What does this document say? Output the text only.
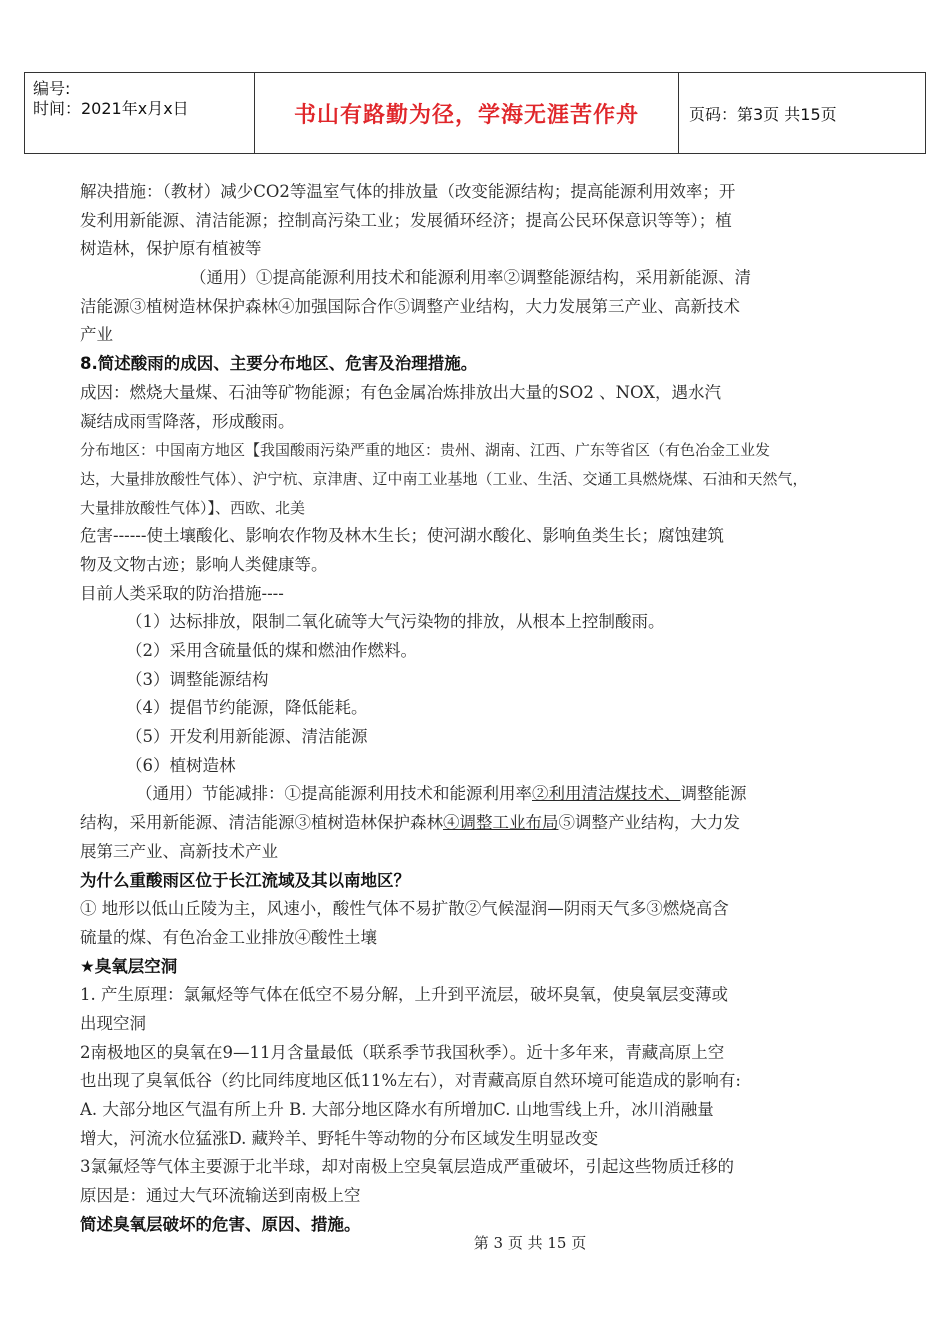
编号:
时间：2021年x月x日	书山有路勤为径，学海无涯苦作舟	页码：第3页 共15页
解决措施：（教材）减少CO2等温室气体的排放量（改变能源结构；提高能源利用效率；开
发利用新能源、清洁能源；控制高污染工业；发展循环经济；提高公民环保意识等等）；植
树造林，保护原有植被等
（通用）①提高能源利用技术和能源利用率②调整能源结构，采用新能源、清
洁能源③植树造林保护森林④加强国际合作⑤调整产业结构，大力发展第三产业、高新技术
产业
8.简述酸雨的成因、主要分布地区、危害及治理措施。
成因：燃烧大量煤、石油等矿物能源；有色金属冶炼排放出大量的SO2 、NOX，遇水汽
凝结成雨雪降落，形成酸雨。
分布地区：中国南方地区【我国酸雨污染严重的地区：贵州、湖南、江西、广东等省区（有色冶金工业发
达，大量排放酸性气体）、沪宁杭、京津唐、辽中南工业基地（工业、生活、交通工具燃烧煤、石油和天然气，
大量排放酸性气体）】、西欧、北美
危害------使土壤酸化、影响农作物及林木生长；使河湖水酸化、影响鱼类生长；腐蚀建筑
物及文物古迹；影响人类健康等。
目前人类采取的防治措施----
（1）达标排放，限制二氧化硫等大气污染物的排放，从根本上控制酸雨。
（2）采用含硫量低的煤和燃油作燃料。
（3）调整能源结构
（4）提倡节约能源，降低能耗。
（5）开发利用新能源、清洁能源
（6）植树造林
（通用）节能减排：①提高能源利用技术和能源利用率②利用清洁煤技术、调整能源
结构，采用新能源、清洁能源③植树造林保护森林④调整工业布局⑤调整产业结构，大力发
展第三产业、高新技术产业
为什么重酸雨区位于长江流域及其以南地区？
① 地形以低山丘陵为主，风速小，酸性气体不易扩散②气候湿润—阴雨天气多③燃烧高含
硫量的煤、有色冶金工业排放④酸性土壤
★臭氧层空洞
1. 产生原理：氯氟烃等气体在低空不易分解，上升到平流层，破坏臭氧，使臭氧层变薄或
出现空洞
2南极地区的臭氧在9—11月含量最低（联系季节我国秋季）。近十多年来，青藏高原上空
也出现了臭氧低谷（约比同纬度地区低11%左右），对青藏高原自然环境可能造成的影响有:
A. 大部分地区气温有所上升 B. 大部分地区降水有所增加C. 山地雪线上升，冰川消融量
增大，河流水位猛涨D. 藏羚羊、野牦牛等动物的分布区域发生明显改变
3氯氟烃等气体主要源于北半球，却对南极上空臭氧层造成严重破坏，引起这些物质迁移的
原因是：通过大气环流输送到南极上空
简述臭氧层破坏的危害、原因、措施。
第 3 页 共 15 页
